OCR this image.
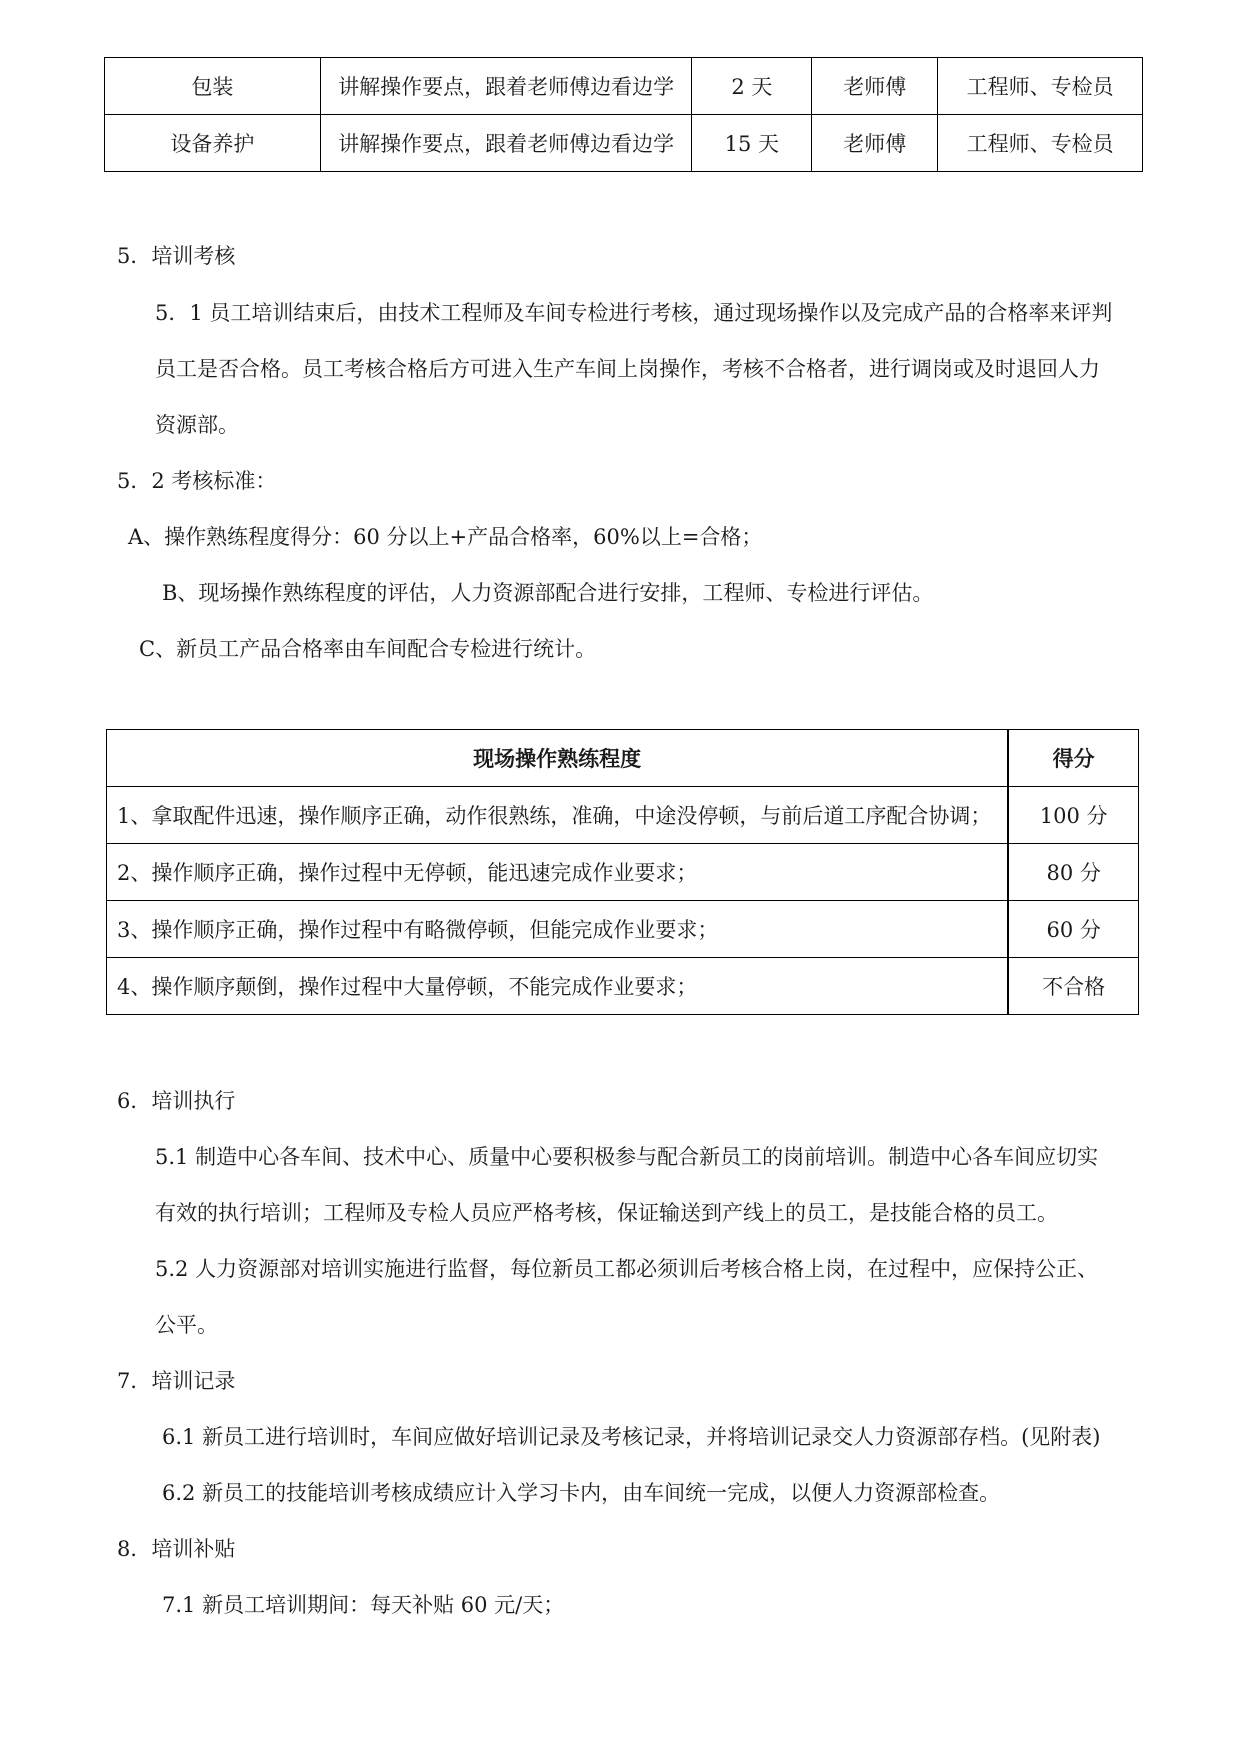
包装	讲解操作要点，跟着老师傅边看边学	2 天	老师傅	工程师、专检员
设备养护	讲解操作要点，跟着老师傅边看边学	15 天	老师傅	工程师、专检员
5．培训考核
5．1 员工培训结束后，由技术工程师及车间专检进行考核，通过现场操作以及完成产品的合格率来评判
员工是否合格。员工考核合格后方可进入生产车间上岗操作，考核不合格者，进行调岗或及时退回人力
资源部。
5．2 考核标准：
A、操作熟练程度得分：60 分以上+产品合格率，60%以上=合格；
B、现场操作熟练程度的评估，人力资源部配合进行安排，工程师、专检进行评估。
C、新员工产品合格率由车间配合专检进行统计。
现场操作熟练程度	得分
1、拿取配件迅速，操作顺序正确，动作很熟练，准确，中途没停顿，与前后道工序配合协调；	100 分
2、操作顺序正确，操作过程中无停顿，能迅速完成作业要求；	80 分
3、操作顺序正确，操作过程中有略微停顿，但能完成作业要求；	60 分
4、操作顺序颠倒，操作过程中大量停顿，不能完成作业要求；	不合格
6．培训执行
5.1 制造中心各车间、技术中心、质量中心要积极参与配合新员工的岗前培训。制造中心各车间应切实
有效的执行培训；工程师及专检人员应严格考核，保证输送到产线上的员工，是技能合格的员工。
5.2 人力资源部对培训实施进行监督，每位新员工都必须训后考核合格上岗，在过程中，应保持公正、
公平。
7．培训记录
6.1 新员工进行培训时，车间应做好培训记录及考核记录，并将培训记录交人力资源部存档。(见附表)
6.2 新员工的技能培训考核成绩应计入学习卡内，由车间统一完成，以便人力资源部检查。
8．培训补贴
7.1 新员工培训期间：每天补贴 60 元/天；
